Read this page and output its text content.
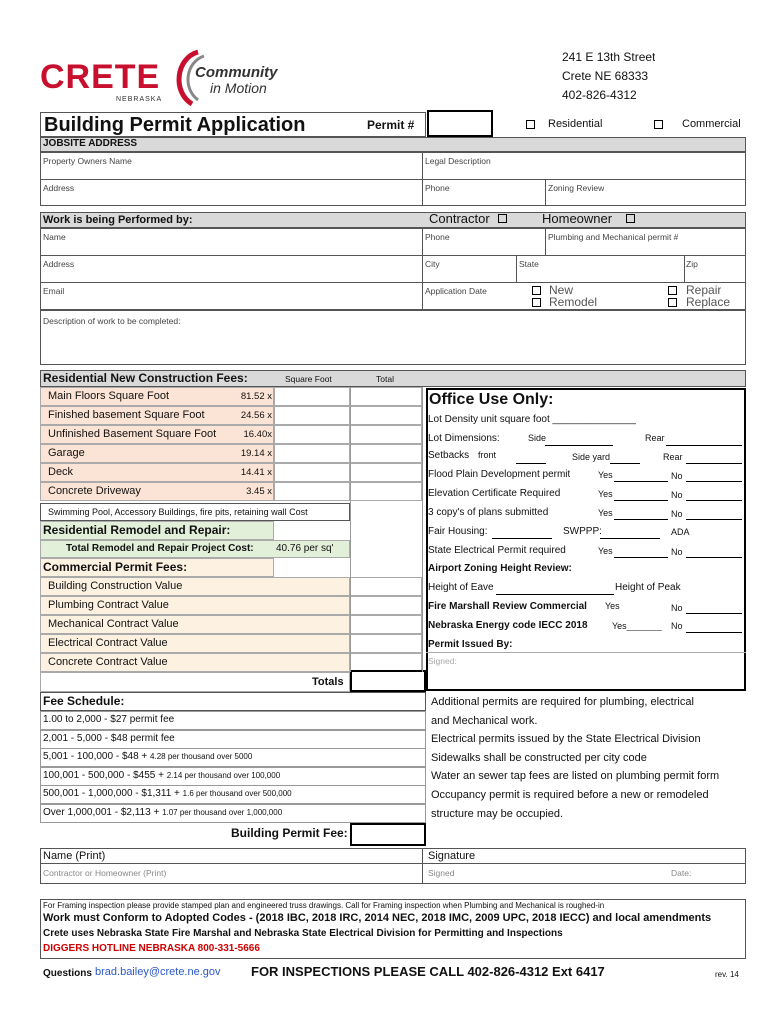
CRETE
NEBRASKA
Community
in Motion
241 E 13th Street
Crete NE 68333
402-826-4312
Building Permit Application	Permit #	Residential	Commercial
JOBSITE ADDRESS
Property Owners Name	Legal Description
Address	Phone	Zoning Review
Work is being Performed by:	Contractor	Homeowner
Name	Phone	Plumbing and Mechanical permit #
Address	City	State	Zip
Email	Application Date	New
Remodel
Repair
Replace
Description of work to be completed:
Residential New Construction Fees:	Square Foot	Total
Main Floors Square Foot	81.52 x
Finished basement Square Foot	24.56 x
Unfinished Basement Square Foot	16.40x
Garage	19.14 x
Deck	14.41 x
Concrete Driveway	3.45 x
Swimming Pool, Accessory Buildings, fire pits, retaining wall Cost
Residential Remodel and Repair:
Total Remodel and Repair Project Cost: 40.76 per sq'
Commercial Permit Fees:
Building Construction Value
Plumbing Contract Value
Mechanical Contract Value
Electrical Contract Value
Concrete Contract Value
Totals
Office Use Only:
Lot Density unit square foot _______________
Lot Dimensions:	Side	Rear
Setbacks front	Side yard	Rear
Flood Plain Development permit	Yes	No
Elevation Certificate Required	Yes	No
3 copy's of plans submitted	Yes	No
State Electrical Permit required	Yes	No
Fair Housing:	SWPPP:	ADA
Airport Zoning Height Review:
Height of Eave	Height of Peak
Fire Marshall Review Commercial Yes	No
Nebraska Energy code IECC 2018	Yes_______ No
Permit Issued By:
Signed:
Fee Schedule:
1.00 to 2,000 - $27 permit fee
2,001 - 5,000 - $48 permit fee
5,001 - 100,000 - $48 + 4.28 per thousand over 5000
100,001 - 500,000 - $455 + 2.14 per thousand over 100,000
500,001 - 1,000,000 - $1,311 + 1.6 per thousand over 500,000
Over 1,000,001 - $2,113 + 1.07 per thousand over 1,000,000
Building Permit Fee:
Additional permits are required for plumbing, electrical
and Mechanical work.
Electrical permits issued by the State Electrical Division
Sidewalks shall be constructed per city code
Water an sewer tap fees are listed on plumbing permit form
Occupancy permit is required before a new or remodeled
structure may be occupied.
Name (Print)	Signature
Contractor or Homeowner (Print)	Signed	Date:
For Framing inspection please provide stamped plan and engineered truss drawings. Call for Framing inspection when Plumbing and Mechanical is roughed-in
Work must Conform to Adopted Codes - (2018 IBC, 2018 IRC, 2014 NEC, 2018 IMC, 2009 UPC, 2018 IECC) and local amendments
Crete uses Nebraska State Fire Marshal and Nebraska State Electrical Division for Permitting and Inspections
DIGGERS HOTLINE NEBRASKA 800-331-5666
Questions brad.bailey@crete.ne.gov FOR INSPECTIONS PLEASE CALL 402-826-4312 Ext 6417	rev. 14
